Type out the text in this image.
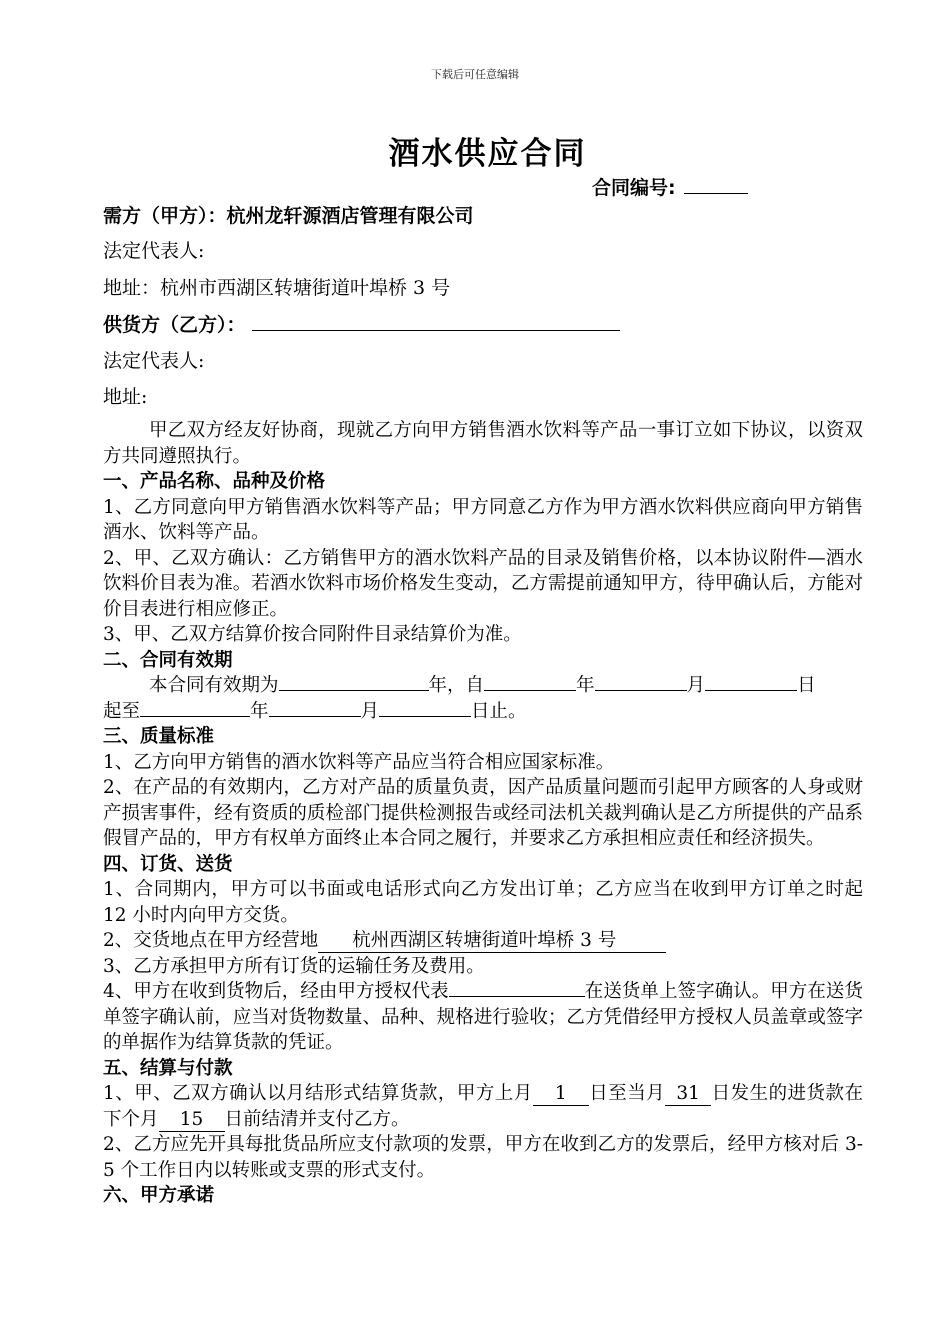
下载后可任意编辑
酒水供应合同
合同编号:
需方（甲方）：杭州龙轩源酒店管理有限公司
法定代表人:
地址：杭州市西湖区转塘街道叶埠桥 3 号
供货方（乙方）：
法定代表人:
地址:

甲乙双方经友好协商，现就乙方向甲方销售酒水饮料等产品一事订立如下协议，以资双方共同遵照执行。

一、产品名称、品种及价格

1、乙方同意向甲方销售酒水饮料等产品；甲方同意乙方作为甲方酒水饮料供应商向甲方销售酒水、饮料等产品。

2、甲、乙双方确认：乙方销售甲方的酒水饮料产品的目录及销售价格，以本协议附件—酒水饮料价目表为准。若酒水饮料市场价格发生变动，乙方需提前通知甲方，待甲确认后，方能对价目表进行相应修正。

3、甲、乙双方结算价按合同附件目录结算价为准。

二、合同有效期

本合同有效期为	年，自	年	月	日
起至	年	月	日止。

三、质量标准

1、乙方向甲方销售的酒水饮料等产品应当符合相应国家标准。

2、在产品的有效期内，乙方对产品的质量负责，因产品质量问题而引起甲方顾客的人身或财产损害事件，经有资质的质检部门提供检测报告或经司法机关裁判确认是乙方所提供的产品系假冒产品的，甲方有权单方面终止本合同之履行，并要求乙方承担相应责任和经济损失。

四、订货、送货

1、合同期内，甲方可以书面或电话形式向乙方发出订单；乙方应当在收到甲方订单之时起 12 小时内向甲方交货。

2、交货地点在甲方经营地 杭州西湖区转塘街道叶埠桥 3 号

3、乙方承担甲方所有订货的运输任务及费用。

4、甲方在收到货物后，经由甲方授权代表	在送货单上签字确认。甲方在送货单签字确认前，应当对货物数量、品种、规格进行验收；乙方凭借经甲方授权人员盖章或签字的单据作为结算货款的凭证。

五、结算与付款

1、甲、乙双方确认以月结形式结算货款，甲方上月 1 日至当月 31 日发生的进货款在下个月 15 日前结清并支付乙方。

2、乙方应先开具每批货品所应支付款项的发票，甲方在收到乙方的发票后，经甲方核对后 3-5 个工作日内以转账或支票的形式支付。

六、甲方承诺
